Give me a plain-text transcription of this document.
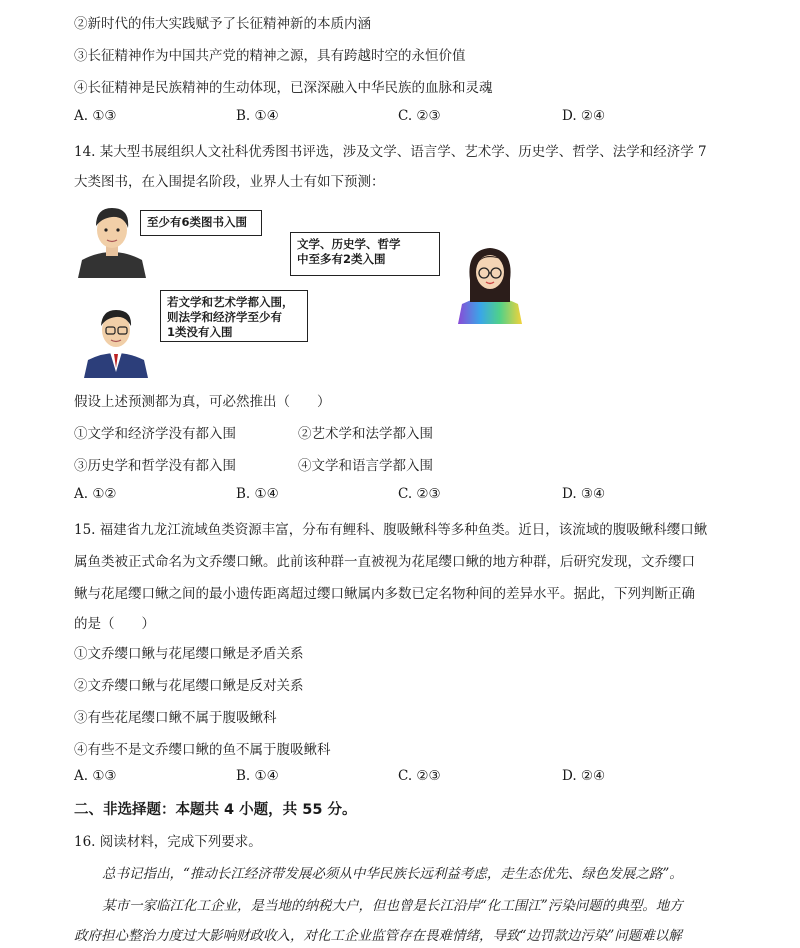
②新时代的伟大实践赋予了长征精神新的本质内涵
③长征精神作为中国共产党的精神之源，具有跨越时空的永恒价值
④长征精神是民族精神的生动体现，已深深融入中华民族的血脉和灵魂
A. ①③	B. ①④	C. ②③	D. ②④
14. 某大型书展组织人文社科优秀图书评选，涉及文学、语言学、艺术学、历史学、哲学、法学和经济学 7
大类图书，在入围提名阶段，业界人士有如下预测：
至少有6类图书入围
文学、历史学、哲学
中至多有2类入围
若文学和艺术学都入围，
则法学和经济学至少有
1类没有入围
假设上述预测都为真，可必然推出（　　）
①文学和经济学没有都入围	②艺术学和法学都入围
③历史学和哲学没有都入围	④文学和语言学都入围
A. ①②	B. ①④	C. ②③	D. ③④
15. 福建省九龙江流域鱼类资源丰富，分布有鲤科、腹吸鳅科等多种鱼类。近日，该流域的腹吸鳅科缨口鳅
属鱼类被正式命名为文乔缨口鳅。此前该种群一直被视为花尾缨口鳅的地方种群，后研究发现，文乔缨口
鳅与花尾缨口鳅之间的最小遗传距离超过缨口鳅属内多数已定名物种间的差异水平。据此，下列判断正确
的是（　　）
①文乔缨口鳅与花尾缨口鳅是矛盾关系
②文乔缨口鳅与花尾缨口鳅是反对关系
③有些花尾缨口鳅不属于腹吸鳅科
④有些不是文乔缨口鳅的鱼不属于腹吸鳅科
A. ①③	B. ①④	C. ②③	D. ②④
二、非选择题：本题共 4 小题，共 55 分。
16. 阅读材料，完成下列要求。
总书记指出，“推动长江经济带发展必须从中华民族长远利益考虑，走生态优先、绿色发展之路”。
某市一家临江化工企业，是当地的纳税大户，但也曾是长江沿岸“化工围江”污染问题的典型。地方
政府担心整治力度过大影响财政收入，对化工企业监管存在畏难情绪，导致“边罚款边污染”问题难以解
